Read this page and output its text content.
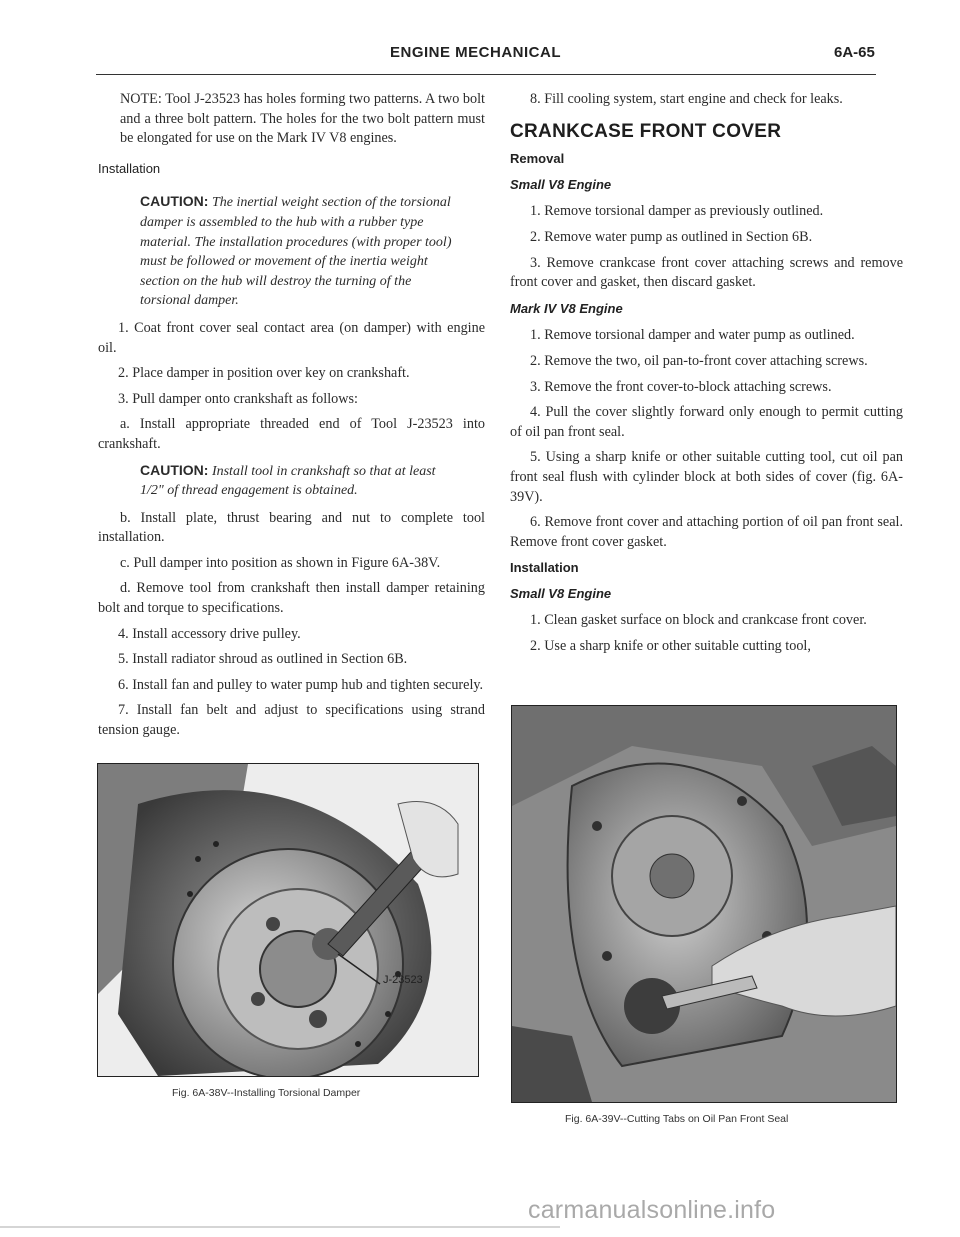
ENGINE MECHANICAL	6A-65

NOTE: Tool J-23523 has holes forming two patterns. A two bolt and a three bolt pattern. The holes for the two bolt pattern must be elongated for use on the Mark IV V8 engines.

Installation
CAUTION: The inertial weight section of the torsional damper is assembled to the hub with a rubber type material. The installation procedures (with proper tool) must be followed or movement of the inertia weight section on the hub will destroy the turning of the torsional damper.

1. Coat front cover seal contact area (on damper) with engine oil.

2. Place damper in position over key on crankshaft.

3. Pull damper onto crankshaft as follows:

a. Install appropriate threaded end of Tool J-23523 into crankshaft.

CAUTION: Install tool in crankshaft so that at least 1/2" of thread engagement is obtained.

b. Install plate, thrust bearing and nut to complete tool installation.

c. Pull damper into position as shown in Figure 6A-38V.

d. Remove tool from crankshaft then install damper retaining bolt and torque to specifications.

4. Install accessory drive pulley.

5. Install radiator shroud as outlined in Section 6B.

6. Install fan and pulley to water pump hub and tighten securely.

7. Install fan belt and adjust to specifications using strand tension gauge.

8. Fill cooling system, start engine and check for leaks.

CRANKCASE FRONT COVER
Removal
Small V8 Engine

1. Remove torsional damper as previously outlined.

2. Remove water pump as outlined in Section 6B.

3. Remove crankcase front cover attaching screws and remove front cover and gasket, then discard gasket.

Mark IV V8 Engine

1. Remove torsional damper and water pump as outlined.

2. Remove the two, oil pan-to-front cover attaching screws.

3. Remove the front cover-to-block attaching screws.

4. Pull the cover slightly forward only enough to permit cutting of oil pan front seal.

5. Using a sharp knife or other suitable cutting tool, cut oil pan front seal flush with cylinder block at both sides of cover (fig. 6A-39V).

6. Remove front cover and attaching portion of oil pan front seal. Remove front cover gasket.

Installation
Small V8 Engine

1. Clean gasket surface on block and crankcase front cover.

2. Use a sharp knife or other suitable cutting tool,

J-23523
Fig. 6A-38V--Installing Torsional Damper
Fig. 6A-39V--Cutting Tabs on Oil Pan Front Seal
carmanualsonline.info
